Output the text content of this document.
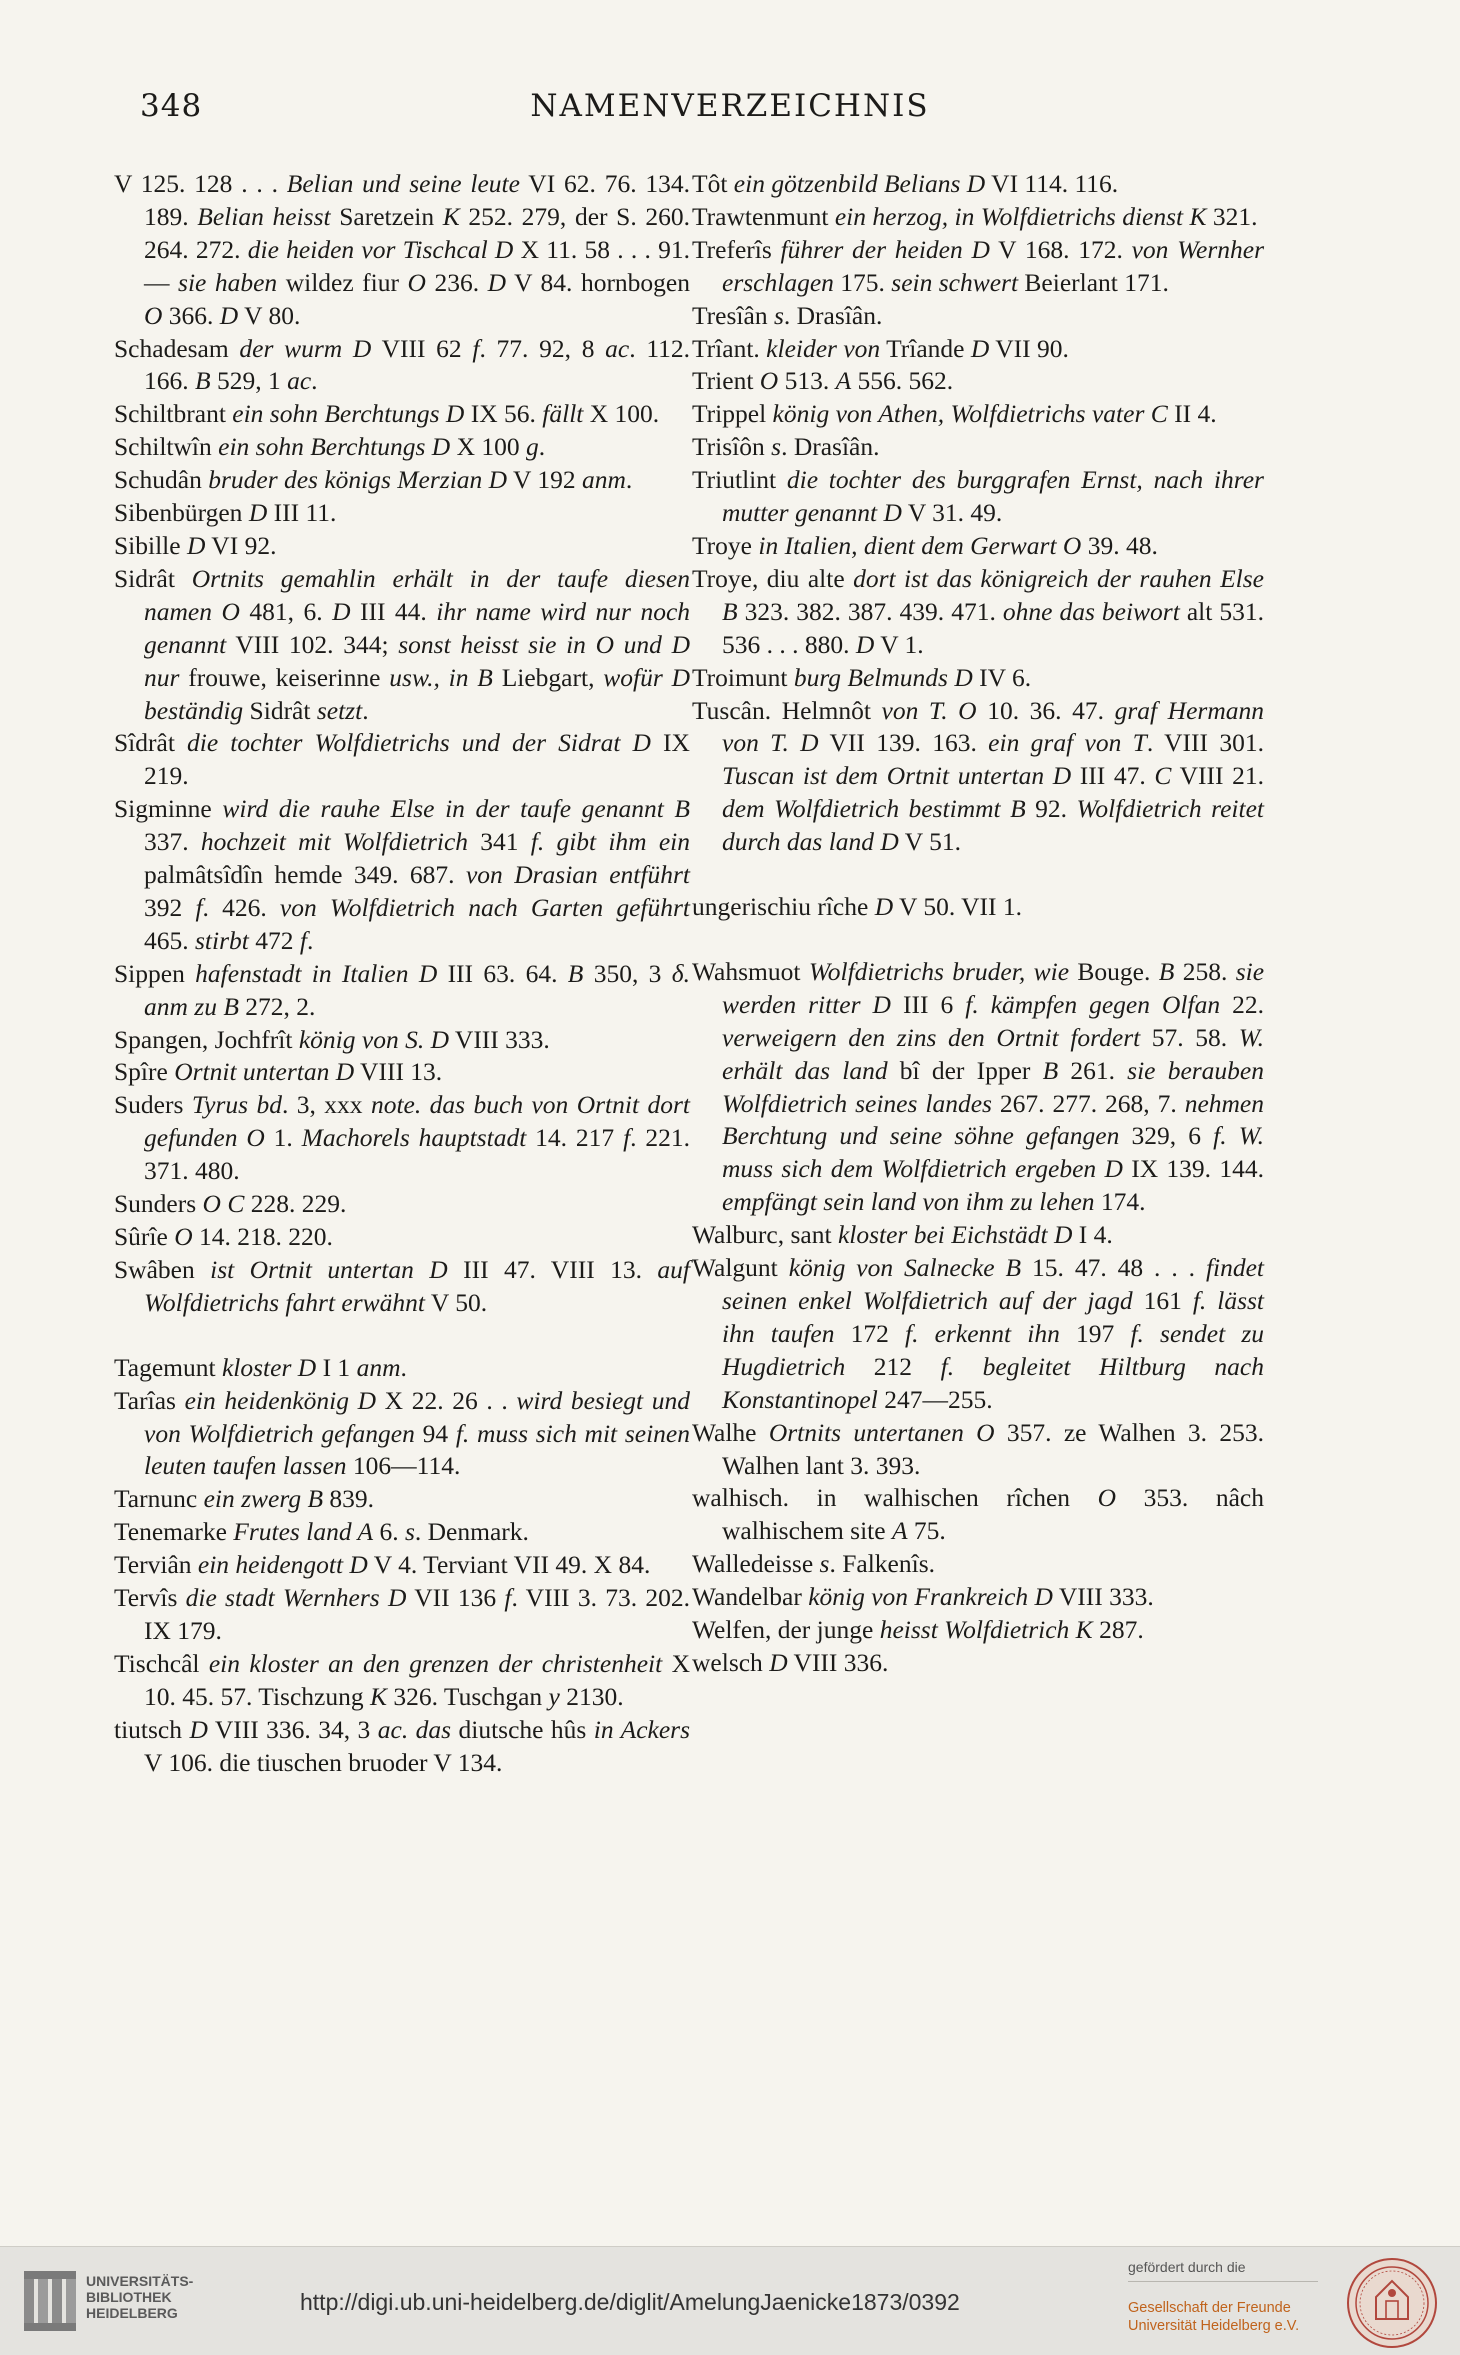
348	NAMENVERZEICHNIS

V 125. 128 . . . Belian und seine leute VI 62. 76. 134. 189. Belian heisst Saretzein K 252. 279, der S. 260. 264. 272. die heiden vor Tischcal D X 11. 58 . . . 91. — sie haben wildez fiur O 236. D V 84. hornbogen O 366. D V 80.

Schadesam der wurm D VIII 62 f. 77. 92, 8 ac. 112. 166. B 529, 1 ac.

Schiltbrant ein sohn Berchtungs D IX 56. fällt X 100.

Schiltwîn ein sohn Berchtungs D X 100 g.

Schudân bruder des königs Merzian D V 192 anm.

Sibenbürgen D III 11.

Sibille D VI 92.

Sidrât Ortnits gemahlin erhält in der taufe diesen namen O 481, 6. D III 44. ihr name wird nur noch genannt VIII 102. 344; sonst heisst sie in O und D nur frouwe, keiserinne usw., in B Liebgart, wofür D beständig Sidrât setzt.

Sîdrât die tochter Wolfdietrichs und der Sidrat D IX 219.

Sigminne wird die rauhe Else in der taufe genannt B 337. hochzeit mit Wolfdietrich 341 f. gibt ihm ein palmâtsîdîn hemde 349. 687. von Drasian entführt 392 f. 426. von Wolfdietrich nach Garten geführt 465. stirbt 472 f.

Sippen hafenstadt in Italien D III 63. 64. B 350, 3 δ. anm zu B 272, 2.

Spangen, Jochfrît könig von S. D VIII 333.

Spîre Ortnit untertan D VIII 13.

Suders Tyrus bd. 3, xxx note. das buch von Ortnit dort gefunden O 1. Machorels hauptstadt 14. 217 f. 221. 371. 480.

Sunders O C 228. 229.

Sûrîe O 14. 218. 220.

Swâben ist Ortnit untertan D III 47. VIII 13. auf Wolfdietrichs fahrt erwähnt V 50.

Tagemunt kloster D I 1 anm.

Tarîas ein heidenkönig D X 22. 26 . . wird besiegt und von Wolfdietrich gefangen 94 f. muss sich mit seinen leuten taufen lassen 106—114.

Tarnunc ein zwerg B 839.

Tenemarke Frutes land A 6. s. Denmark.

Terviân ein heidengott D V 4. Terviant VII 49. X 84.

Tervîs die stadt Wernhers D VII 136 f. VIII 3. 73. 202. IX 179.

Tischcâl ein kloster an den grenzen der christenheit X 10. 45. 57. Tischzung K 326. Tuschgan y 2130.

tiutsch D VIII 336. 34, 3 ac. das diutsche hûs in Ackers V 106. die tiuschen bruoder V 134.

Tôt ein götzenbild Belians D VI 114. 116.

Trawtenmunt ein herzog, in Wolfdietrichs dienst K 321.

Treferîs führer der heiden D V 168. 172. von Wernher erschlagen 175. sein schwert Beierlant 171.

Tresîân s. Drasîân.

Trîant. kleider von Trîande D VII 90.

Trient O 513. A 556. 562.

Trippel könig von Athen, Wolfdietrichs vater C II 4.

Trisîôn s. Drasîân.

Triutlint die tochter des burggrafen Ernst, nach ihrer mutter genannt D V 31. 49.

Troye in Italien, dient dem Gerwart O 39. 48.

Troye, diu alte dort ist das königreich der rauhen Else B 323. 382. 387. 439. 471. ohne das beiwort alt 531. 536 . . . 880. D V 1.

Troimunt burg Belmunds D IV 6.

Tuscân. Helmnôt von T. O 10. 36. 47. graf Hermann von T. D VII 139. 163. ein graf von T. VIII 301. Tuscan ist dem Ortnit untertan D III 47. C VIII 21. dem Wolfdietrich bestimmt B 92. Wolfdietrich reitet durch das land D V 51.

ungerischiu rîche D V 50. VII 1.

Wahsmuot Wolfdietrichs bruder, wie Bouge. B 258. sie werden ritter D III 6 f. kämpfen gegen Olfan 22. verweigern den zins den Ortnit fordert 57. 58. W. erhält das land bî der Ipper B 261. sie berauben Wolfdietrich seines landes 267. 277. 268, 7. nehmen Berchtung und seine söhne gefangen 329, 6 f. W. muss sich dem Wolfdietrich ergeben D IX 139. 144. empfängt sein land von ihm zu lehen 174.

Walburc, sant kloster bei Eichstädt D I 4.

Walgunt könig von Salnecke B 15. 47. 48 . . . findet seinen enkel Wolfdietrich auf der jagd 161 f. lässt ihn taufen 172 f. erkennt ihn 197 f. sendet zu Hugdietrich 212 f. begleitet Hiltburg nach Konstantinopel 247—255.

Walhe Ortnits untertanen O 357. ze Walhen 3. 253. Walhen lant 3. 393.

walhisch. in walhischen rîchen O 353. nâch walhischem site A 75.

Walledeisse s. Falkenîs.

Wandelbar könig von Frankreich D VIII 333.

Welfen, der junge heisst Wolfdietrich K 287.

welsch D VIII 336.

UNIVERSITÄTS-
BIBLIOTHEK
HEIDELBERG	http://digi.ub.uni-heidelberg.de/diglit/AmelungJaenicke1873/0392
gefördert durch die
Gesellschaft der Freunde
Universität Heidelberg e.V.
